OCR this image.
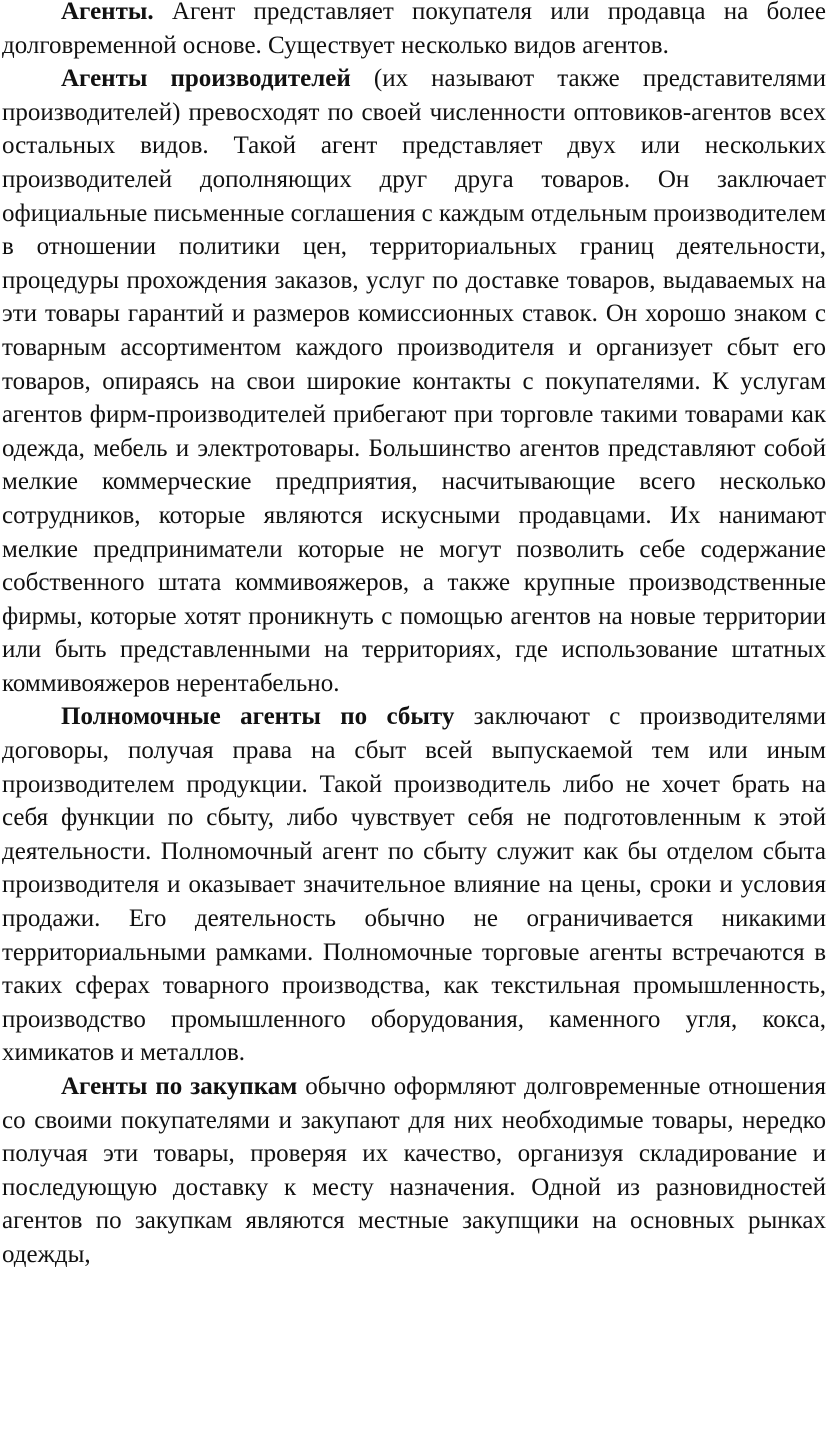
Агенты. Агент представляет покупателя или продавца на более долговременной основе. Существует несколько видов агентов.

Агенты производителей (их называют также представителями производителей) превосходят по своей численности оптовиков-агентов всех остальных видов. Такой агент представляет двух или нескольких производителей дополняющих друг друга товаров. Он заключает официальные письменные соглашения с каждым отдельным производителем в отношении политики цен, территориальных границ деятельности, процедуры прохождения заказов, услуг по доставке товаров, выдаваемых на эти товары гарантий и размеров комиссионных ставок. Он хорошо знаком с товарным ассортиментом каждого производителя и организует сбыт его товаров, опираясь на свои широкие контакты с покупателями. К услугам агентов фирм-производителей прибегают при торговле такими товарами как одежда, мебель и электротовары. Большинство агентов представляют собой мелкие коммерческие предприятия, насчитывающие всего несколько сотрудников, которые являются искусными продавцами. Их нанимают мелкие предприниматели которые не могут позволить себе содержание собственного штата коммивояжеров, а также крупные производственные фирмы, которые хотят проникнуть с помощью агентов на новые территории или быть представленными на территориях, где использование штатных коммивояжеров нерентабельно.

Полномочные агенты по сбыту заключают с производителями договоры, получая права на сбыт всей выпускаемой тем или иным производителем продукции. Такой производитель либо не хочет брать на себя функции по сбыту, либо чувствует себя не подготовленным к этой деятельности. Полномочный агент по сбыту служит как бы отделом сбыта производителя и оказывает значительное влияние на цены, сроки и условия продажи. Его деятельность обычно не ограничивается никакими территориальными рамками. Полномочные торговые агенты встречаются в таких сферах товарного производства, как текстильная промышленность, производство промышленного оборудования, каменного угля, кокса, химикатов и металлов.

Агенты по закупкам обычно оформляют долговременные отношения со своими покупателями и закупают для них необходимые товары, нередко получая эти товары, проверяя их качество, организуя складирование и последующую доставку к месту назначения. Одной из разновидностей агентов по закупкам являются местные закупщики на основных рынках одежды,
